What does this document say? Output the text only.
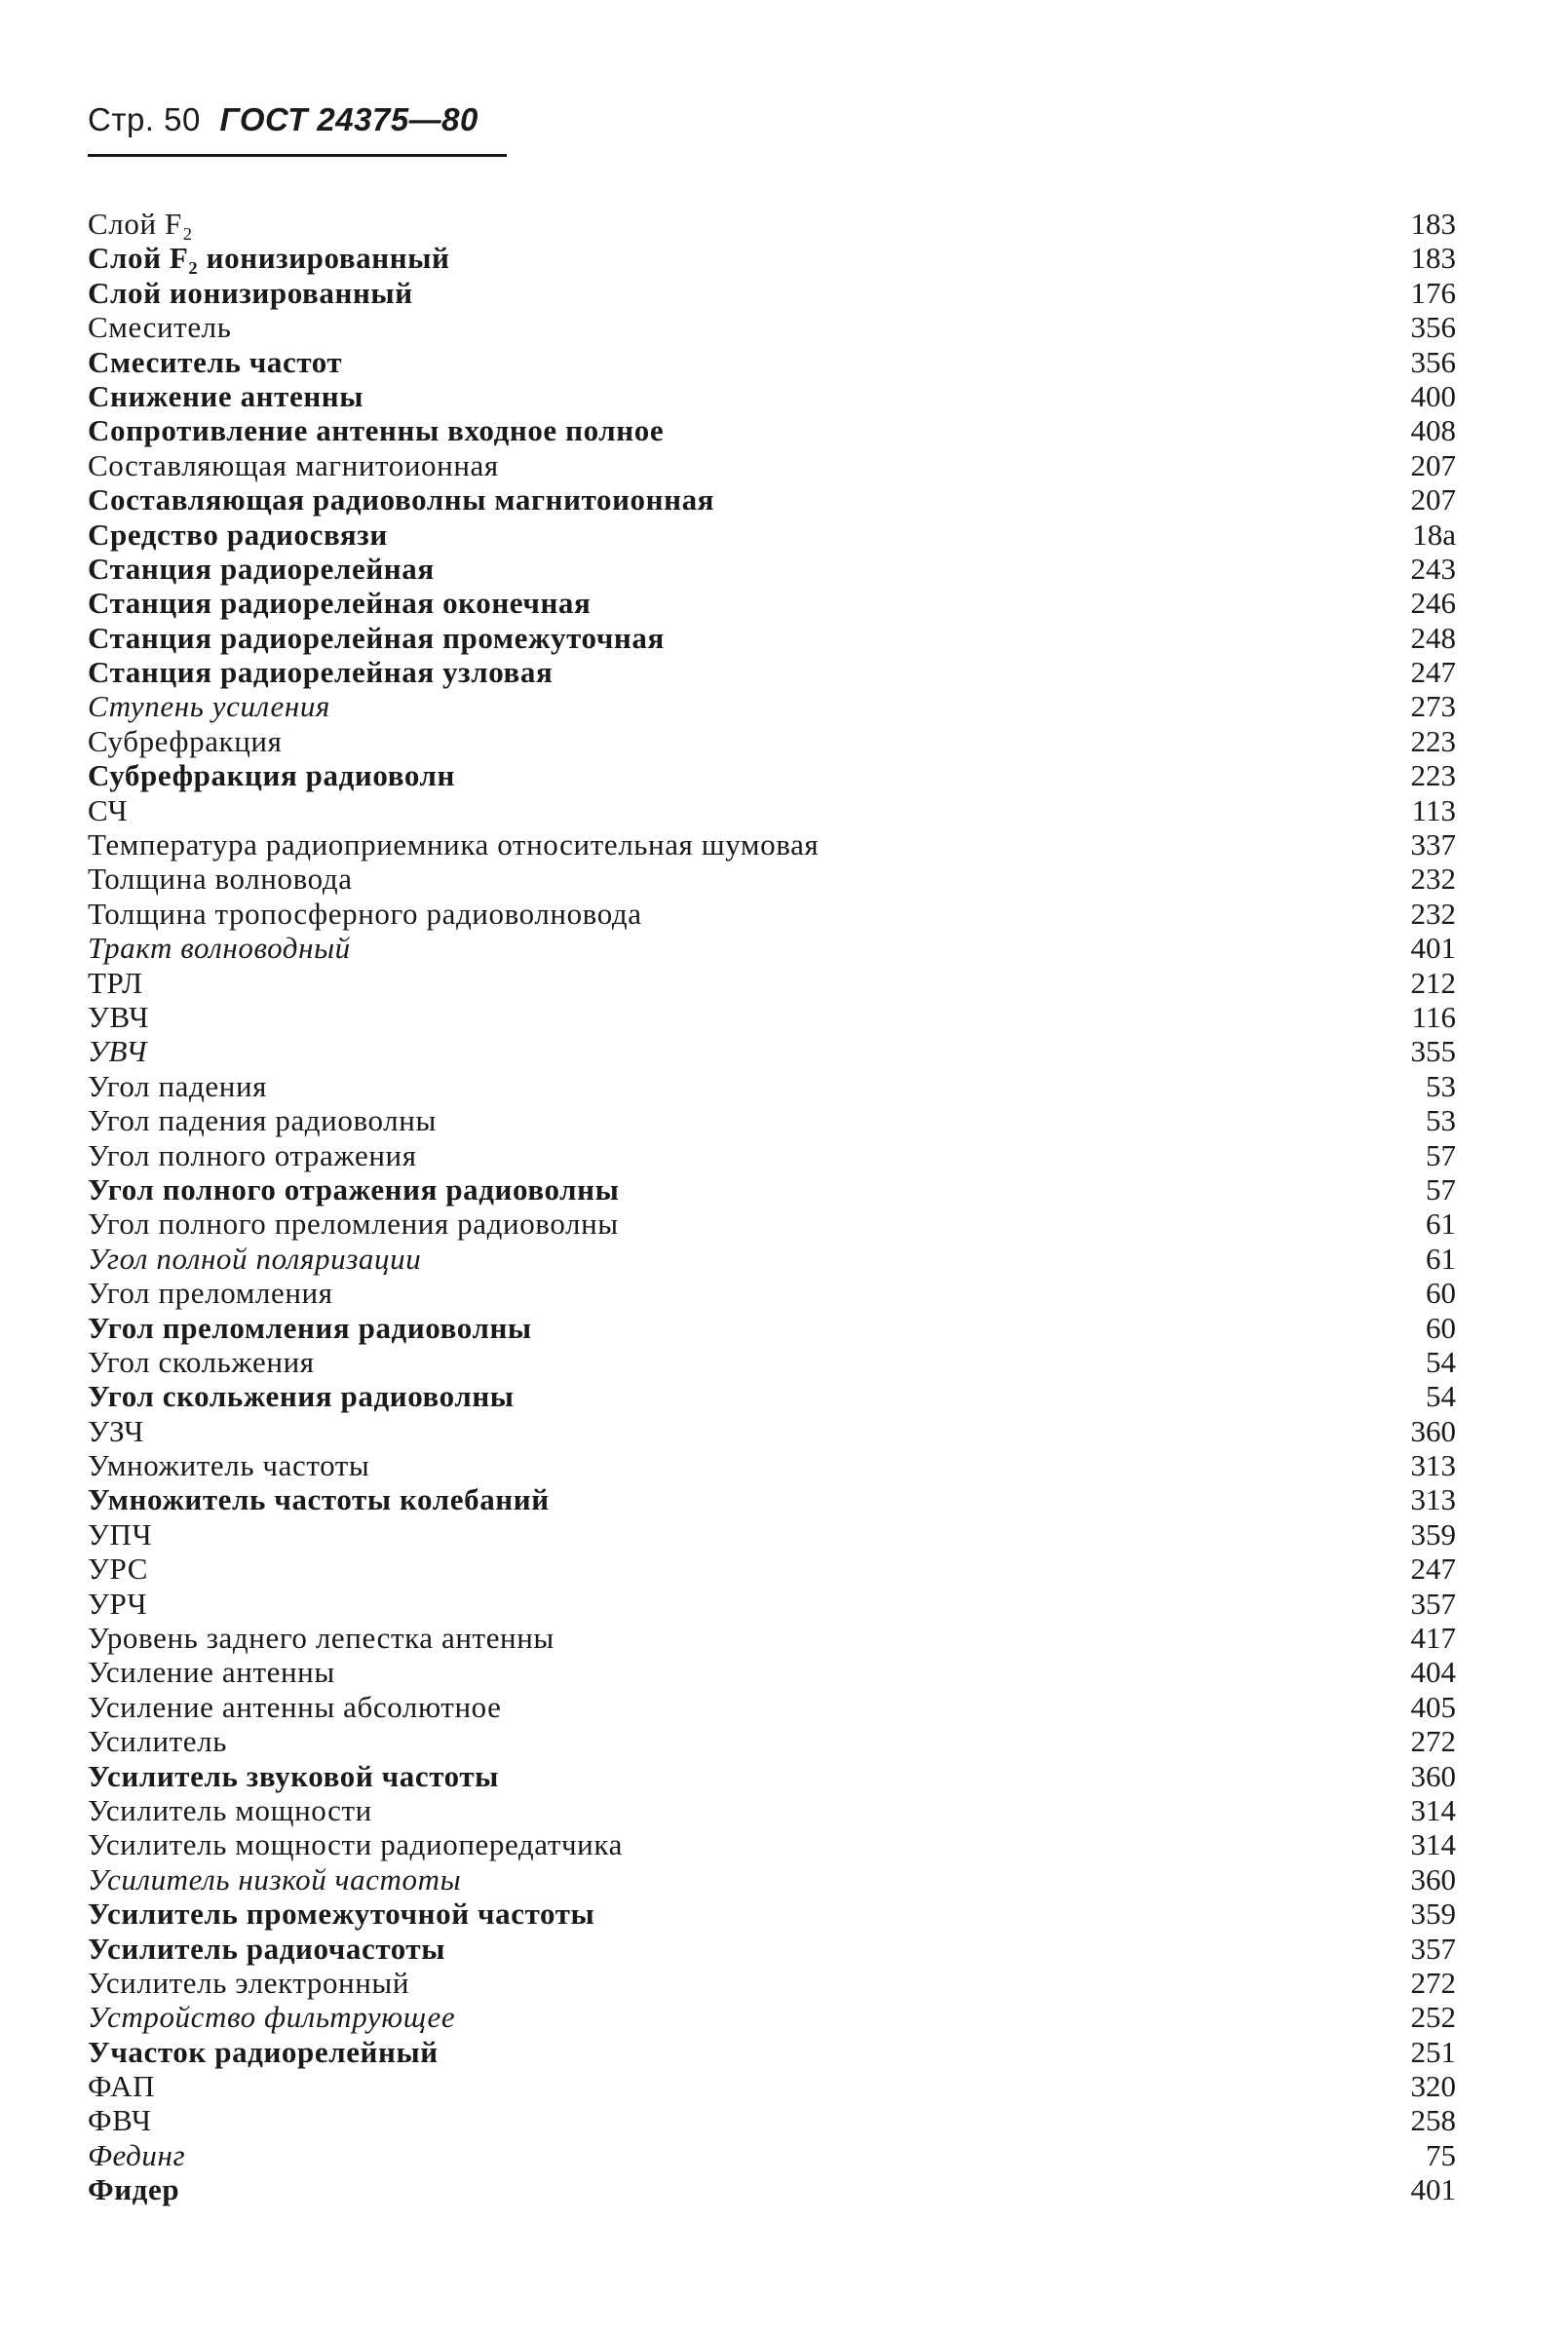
Стр. 50 ГОСТ 24375—80
Слой F₂	183
Слой F₂ ионизированный	183
Слой ионизированный	176
Смеситель	356
Смеситель частот	356
Снижение антенны	400
Сопротивление антенны входное полное	408
Составляющая магнитоионная	207
Составляющая радиоволны магнитоионная	207
Средство радиосвязи	18а
Станция радиорелейная	243
Станция радиорелейная оконечная	246
Станция радиорелейная промежуточная	248
Станция радиорелейная узловая	247
Ступень усиления	273
Субрефракция	223
Субрефракция радиоволн	223
СЧ	113
Температура радиоприемника относительная шумовая	337
Толщина волновода	232
Толщина тропосферного радиоволновода	232
Тракт волноводный	401
ТРЛ	212
УВЧ	116
УВЧ	355
Угол падения	53
Угол падения радиоволны	53
Угол полного отражения	57
Угол полного отражения радиоволны	57
Угол полного преломления радиоволны	61
Угол полной поляризации	61
Угол преломления	60
Угол преломления радиоволны	60
Угол скольжения	54
Угол скольжения радиоволны	54
УЗЧ	360
Умножитель частоты	313
Умножитель частоты колебаний	313
УПЧ	359
УРС	247
УРЧ	357
Уровень заднего лепестка антенны	417
Усиление антенны	404
Усиление антенны абсолютное	405
Усилитель	272
Усилитель звуковой частоты	360
Усилитель мощности	314
Усилитель мощности радиопередатчика	314
Усилитель низкой частоты	360
Усилитель промежуточной частоты	359
Усилитель радиочастоты	357
Усилитель электронный	272
Устройство фильтрующее	252
Участок радиорелейный	251
ФАП	320
ФВЧ	258
Фединг	75
Фидер	401
